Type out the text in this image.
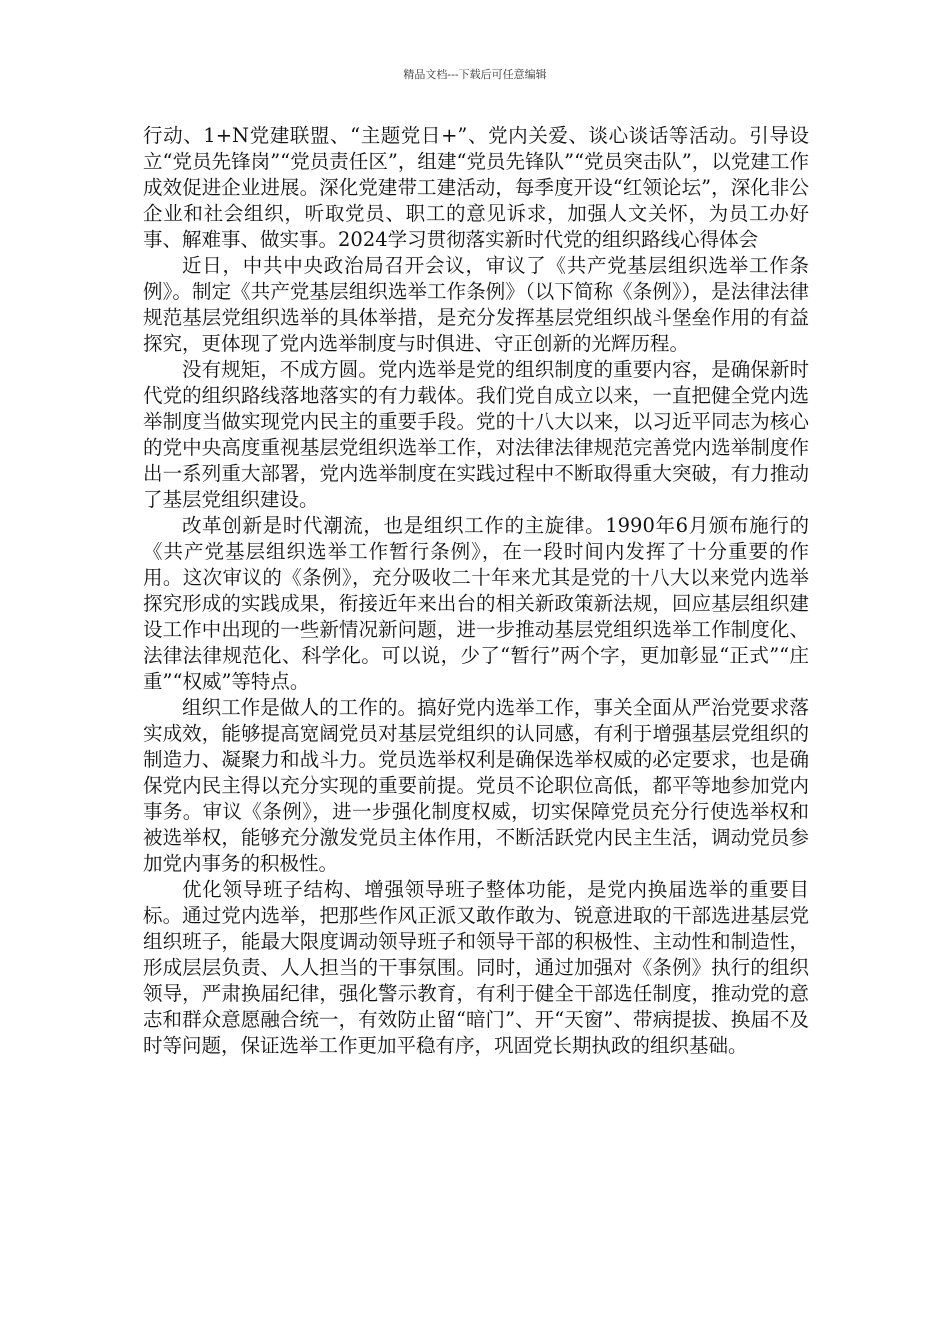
精品文档---下载后可任意编辑

行动、1+N党建联盟、“主题党日+”、党内关爱、谈心谈话等活动。引导设立“党员先锋岗”“党员责任区”，组建“党员先锋队”“党员突击队”，以党建工作成效促进企业进展。深化党建带工建活动，每季度开设“红领论坛”，深化非公企业和社会组织，听取党员、职工的意见诉求，加强人文关怀，为员工办好事、解难事、做实事。2024学习贯彻落实新时代党的组织路线心得体会

近日，中共中央政治局召开会议，审议了《共产党基层组织选举工作条例》。制定《共产党基层组织选举工作条例》（以下简称《条例》），是法律法律规范基层党组织选举的具体举措，是充分发挥基层党组织战斗堡垒作用的有益探究，更体现了党内选举制度与时俱进、守正创新的光辉历程。

没有规矩，不成方圆。党内选举是党的组织制度的重要内容，是确保新时代党的组织路线落地落实的有力载体。我们党自成立以来，一直把健全党内选举制度当做实现党内民主的重要手段。党的十八大以来，以习近平同志为核心的党中央高度重视基层党组织选举工作，对法律法律规范完善党内选举制度作出一系列重大部署，党内选举制度在实践过程中不断取得重大突破，有力推动了基层党组织建设。

改革创新是时代潮流，也是组织工作的主旋律。1990年6月颁布施行的《共产党基层组织选举工作暂行条例》，在一段时间内发挥了十分重要的作用。这次审议的《条例》，充分吸收二十年来尤其是党的十八大以来党内选举探究形成的实践成果，衔接近年来出台的相关新政策新法规，回应基层组织建设工作中出现的一些新情况新问题，进一步推动基层党组织选举工作制度化、法律法律规范化、科学化。可以说，少了“暂行”两个字，更加彰显“正式”“庄重”“权威”等特点。

组织工作是做人的工作的。搞好党内选举工作，事关全面从严治党要求落实成效，能够提高宽阔党员对基层党组织的认同感，有利于增强基层党组织的制造力、凝聚力和战斗力。党员选举权利是确保选举权威的必定要求，也是确保党内民主得以充分实现的重要前提。党员不论职位高低，都平等地参加党内事务。审议《条例》，进一步强化制度权威，切实保障党员充分行使选举权和被选举权，能够充分激发党员主体作用，不断活跃党内民主生活，调动党员参加党内事务的积极性。

优化领导班子结构、增强领导班子整体功能，是党内换届选举的重要目标。通过党内选举，把那些作风正派又敢作敢为、锐意进取的干部选进基层党组织班子，能最大限度调动领导班子和领导干部的积极性、主动性和制造性，形成层层负责、人人担当的干事氛围。同时，通过加强对《条例》执行的组织领导，严肃换届纪律，强化警示教育，有利于健全干部选任制度，推动党的意志和群众意愿融合统一，有效防止留“暗门”、开“天窗”、带病提拔、换届不及时等问题，保证选举工作更加平稳有序，巩固党长期执政的组织基础。
